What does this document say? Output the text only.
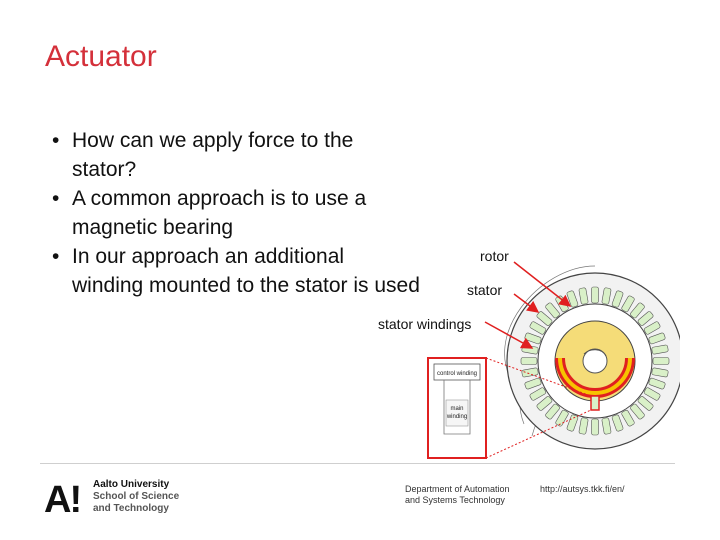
Actuator
• How can we apply force to the stator?
• A common approach is to use a magnetic bearing
• In our approach an additional winding mounted to the stator is used
rotor
stator
stator windings
control winding
main
winding
A! Aalto University
School of Science
and Technology
Department of Automation
and Systems Technology
http://autsys.tkk.fi/en/
